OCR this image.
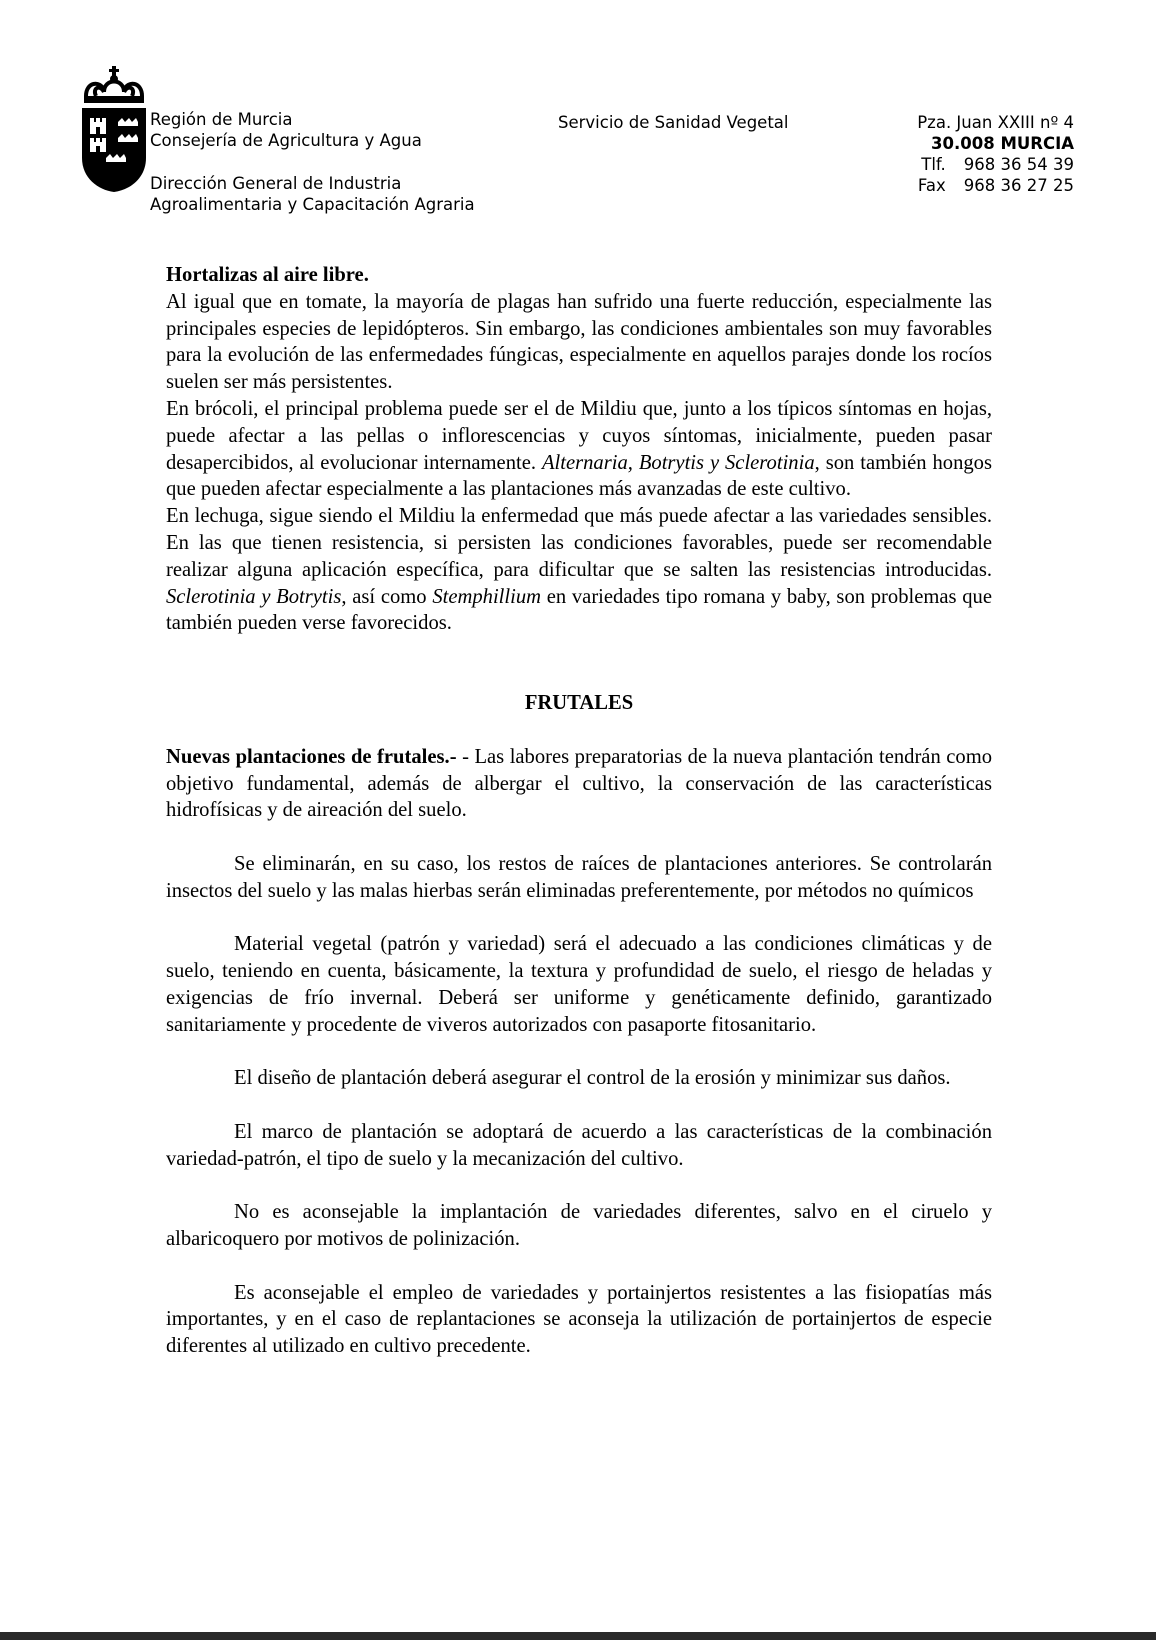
Región de Murcia
Consejería de Agricultura y Agua
Dirección General de Industria
Agroalimentaria y Capacitación Agraria
Servicio de Sanidad Vegetal	Pza. Juan XXIII nº 4
30.008 MURCIA
Tlf. 968 36 54 39
Fax 968 36 27 25

Hortalizas al aire libre.

Al igual que en tomate, la mayoría de plagas han sufrido una fuerte reducción, especialmente las principales especies de lepidópteros. Sin embargo, las condiciones ambientales son muy favorables para la evolución de las enfermedades fúngicas, especialmente en aquellos parajes donde los rocíos suelen ser más persistentes.

En brócoli, el principal problema puede ser el de Mildiu que, junto a los típicos síntomas en hojas, puede afectar a las pellas o inflorescencias y cuyos síntomas, inicialmente, pueden pasar desapercibidos, al evolucionar internamente. Alternaria, Botrytis y Sclerotinia, son también hongos que pueden afectar especialmente a las plantaciones más avanzadas de este cultivo.

En lechuga, sigue siendo el Mildiu la enfermedad que más puede afectar a las variedades sensibles. En las que tienen resistencia, si persisten las condiciones favorables, puede ser recomendable realizar alguna aplicación específica, para dificultar que se salten las resistencias introducidas. Sclerotinia y Botrytis, así como Stemphillium en variedades tipo romana y baby, son problemas que también pueden verse favorecidos.

FRUTALES

Nuevas plantaciones de frutales.- - Las labores preparatorias de la nueva plantación tendrán como objetivo fundamental, además de albergar el cultivo, la conservación de las características hidrofísicas y de aireación del suelo.

Se eliminarán, en su caso, los restos de raíces de plantaciones anteriores. Se controlarán insectos del suelo y las malas hierbas serán eliminadas preferentemente, por métodos no químicos

Material vegetal (patrón y variedad) será el adecuado a las condiciones climáticas y de suelo, teniendo en cuenta, básicamente, la textura y profundidad de suelo, el riesgo de heladas y exigencias de frío invernal. Deberá ser uniforme y genéticamente definido, garantizado sanitariamente y procedente de viveros autorizados con pasaporte fitosanitario.

El diseño de plantación deberá asegurar el control de la erosión y minimizar sus daños.

El marco de plantación se adoptará de acuerdo a las características de la combinación variedad-patrón, el tipo de suelo y la mecanización del cultivo.

No es aconsejable la implantación de variedades diferentes, salvo en el ciruelo y albaricoquero por motivos de polinización.

Es aconsejable el empleo de variedades y portainjertos resistentes a las fisiopatías más importantes, y en el caso de replantaciones se aconseja la utilización de portainjertos de especie diferentes al utilizado en cultivo precedente.
